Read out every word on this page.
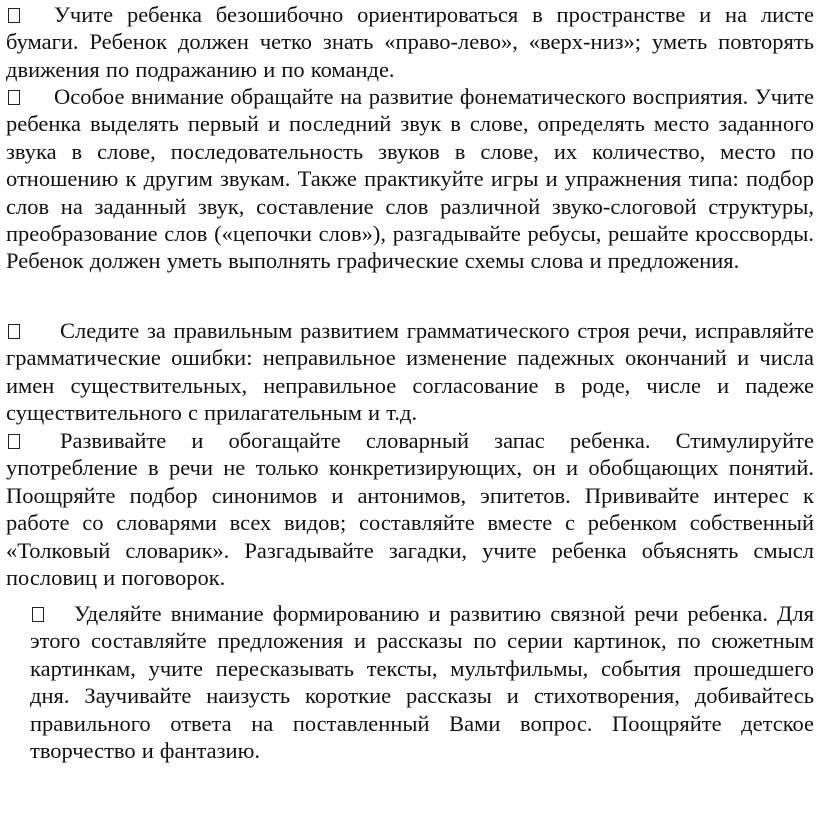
Учите ребенка безошибочно ориентироваться в пространстве и на листе бумаги. Ребенок должен четко знать «право-лево», «верх-низ»; уметь повторять движения по подражанию и по команде.

Особое внимание обращайте на развитие фонематического восприятия. Учите ребенка выделять первый и последний звук в слове, определять место заданного звука в слове, последовательность звуков в слове, их количество, место по отношению к другим звукам. Также практикуйте игры и упражнения типа: подбор слов на заданный звук, составление слов различной звуко-слоговой структуры, преобразование слов («цепочки слов»), разгадывайте ребусы, решайте кроссворды. Ребенок должен уметь выполнять графические схемы слова и предложения.

Следите за правильным развитием грамматического строя речи, исправляйте грамматические ошибки: неправильное изменение падежных окончаний и числа имен существительных, неправильное согласование в роде, числе и падеже существительного с прилагательным и т.д.

Развивайте и обогащайте словарный запас ребенка. Стимулируйте употребление в речи не только конкретизирующих, он и обобщающих понятий. Поощряйте подбор синонимов и антонимов, эпитетов. Прививайте интерес к работе со словарями всех видов; составляйте вместе с ребенком собственный «Толковый словарик». Разгадывайте загадки, учите ребенка объяснять смысл пословиц и поговорок.

Уделяйте внимание формированию и развитию связной речи ребенка. Для этого составляйте предложения и рассказы по серии картинок, по сюжетным картинкам, учите пересказывать тексты, мультфильмы, события прошедшего дня. Заучивайте наизусть короткие рассказы и стихотворения, добивайтесь правильного ответа на поставленный Вами вопрос. Поощряйте детское творчество и фантазию.
